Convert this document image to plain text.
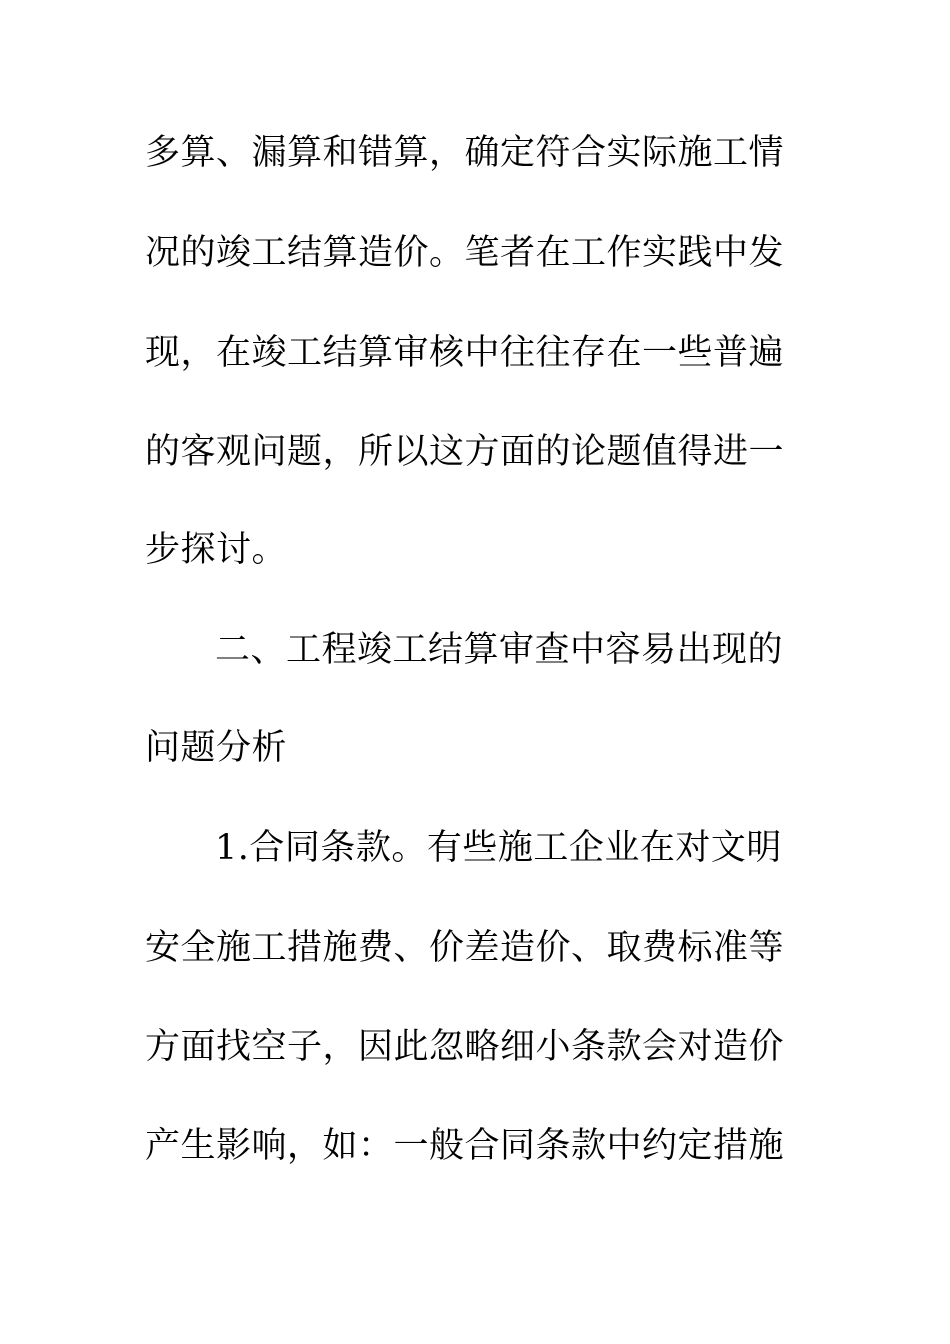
多算、漏算和错算，确定符合实际施工情
况的竣工结算造价。笔者在工作实践中发
现，在竣工结算审核中往往存在一些普遍
的客观问题，所以这方面的论题值得进一
步探讨。
二、工程竣工结算审查中容易出现的
问题分析
1.合同条款。有些施工企业在对文明
安全施工措施费、价差造价、取费标准等
方面找空子，因此忽略细小条款会对造价
产生影响，如：一般合同条款中约定措施
